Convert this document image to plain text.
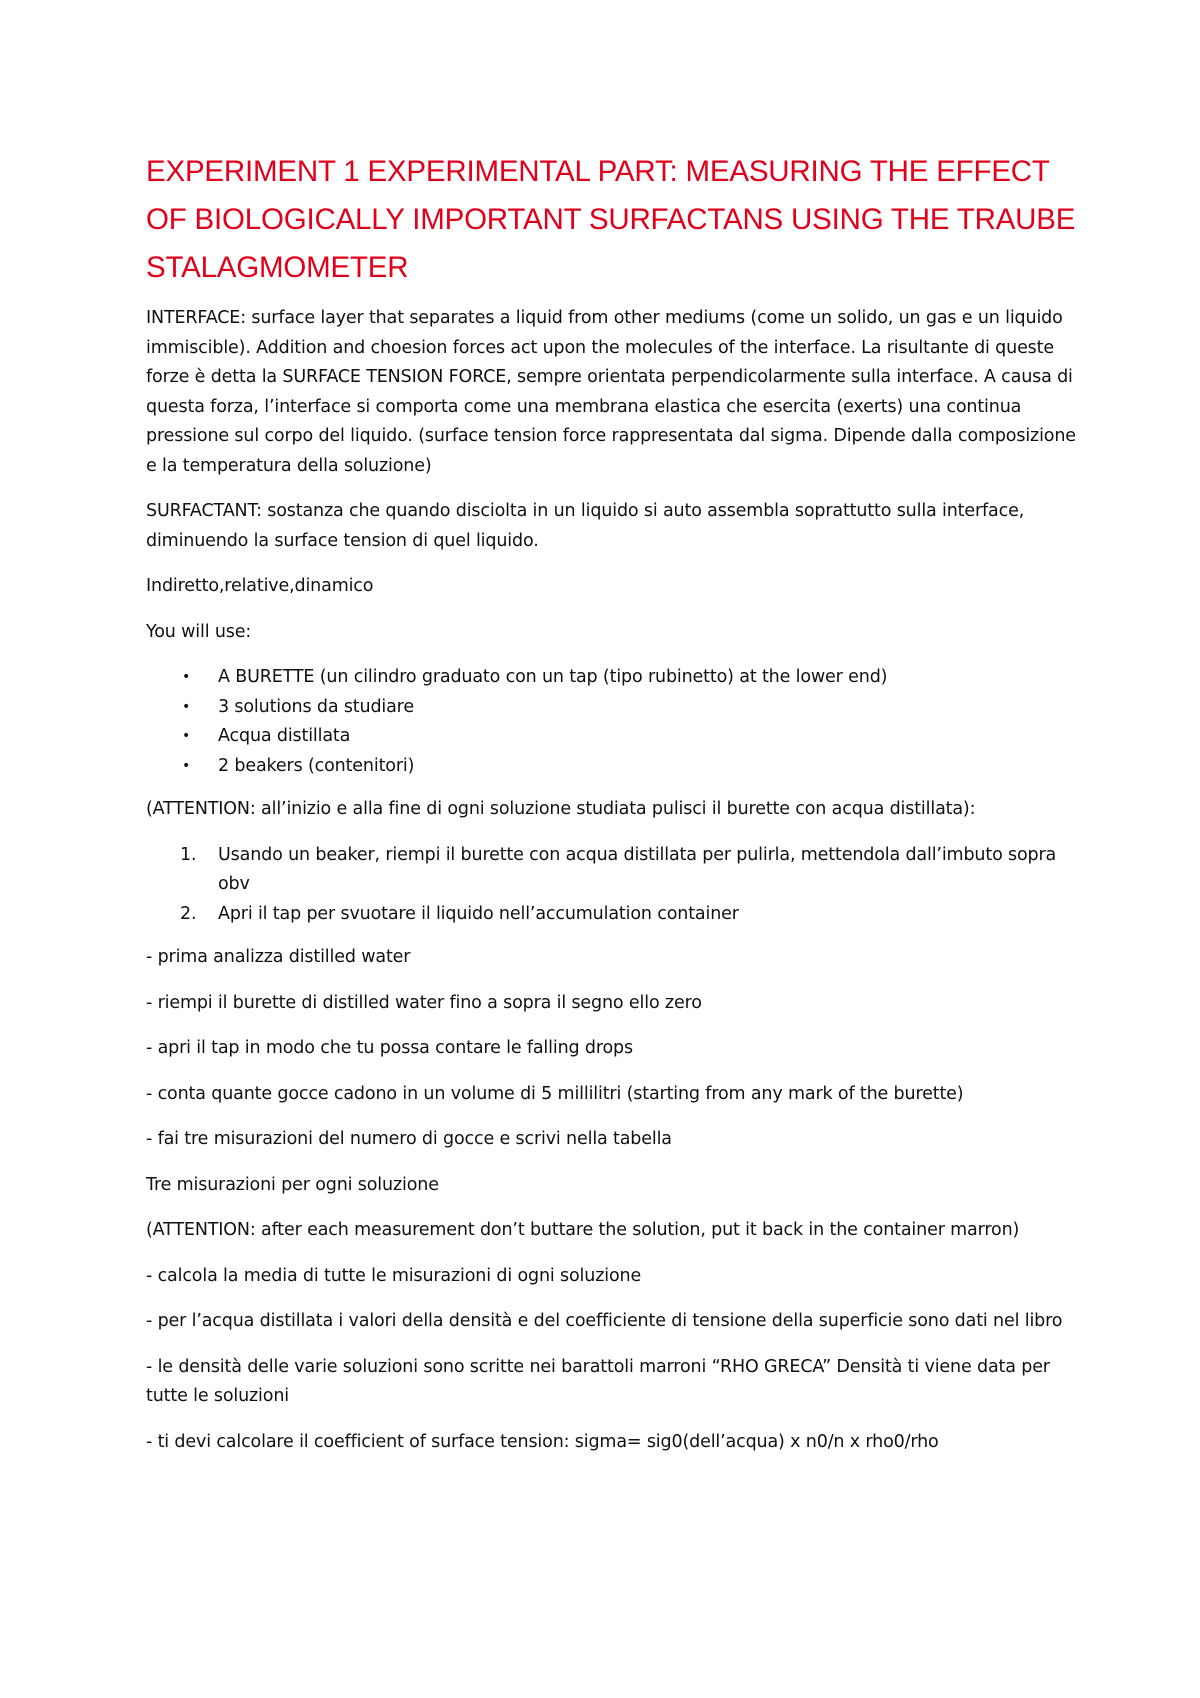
EXPERIMENT 1 EXPERIMENTAL PART: MEASURING THE EFFECT OF BIOLOGICALLY IMPORTANT SURFACTANS USING THE TRAUBE STALAGMOMETER

INTERFACE: surface layer that separates a liquid from other mediums (come un solido, un gas e un liquido immiscible). Addition and choesion forces act upon the molecules of the interface. La risultante di queste forze è detta la SURFACE TENSION FORCE, sempre orientata perpendicolarmente sulla interface. A causa di questa forza, l’interface si comporta come una membrana elastica che esercita (exerts) una continua pressione sul corpo del liquido. (surface tension force rappresentata dal sigma. Dipende dalla composizione e la temperatura della soluzione)

SURFACTANT: sostanza che quando disciolta in un liquido si auto assembla soprattutto sulla interface, diminuendo la surface tension di quel liquido.

Indiretto,relative,dinamico

You will use:

• A BURETTE (un cilindro graduato con un tap (tipo rubinetto) at the lower end)
• 3 solutions da studiare
• Acqua distillata
• 2 beakers (contenitori)

(ATTENTION: all’inizio e alla fine di ogni soluzione studiata pulisci il burette con acqua distillata):

1. Usando un beaker, riempi il burette con acqua distillata per pulirla, mettendola dall’imbuto sopra obv
2. Apri il tap per svuotare il liquido nell’accumulation container

- prima analizza distilled water

- riempi il burette di distilled water fino a sopra il segno ello zero

- apri il tap in modo che tu possa contare le falling drops

- conta quante gocce cadono in un volume di 5 millilitri (starting from any mark of the burette)

- fai tre misurazioni del numero di gocce e scrivi nella tabella

Tre misurazioni per ogni soluzione

(ATTENTION: after each measurement don’t buttare the solution, put it back in the container marron)

- calcola la media di tutte le misurazioni di ogni soluzione

- per l’acqua distillata i valori della densità e del coefficiente di tensione della superficie sono dati nel libro

- le densità delle varie soluzioni sono scritte nei barattoli marroni “RHO GRECA” Densità ti viene data per tutte le soluzioni

- ti devi calcolare il coefficient of surface tension: sigma= sig0(dell’acqua) x n0/n x rho0/rho
